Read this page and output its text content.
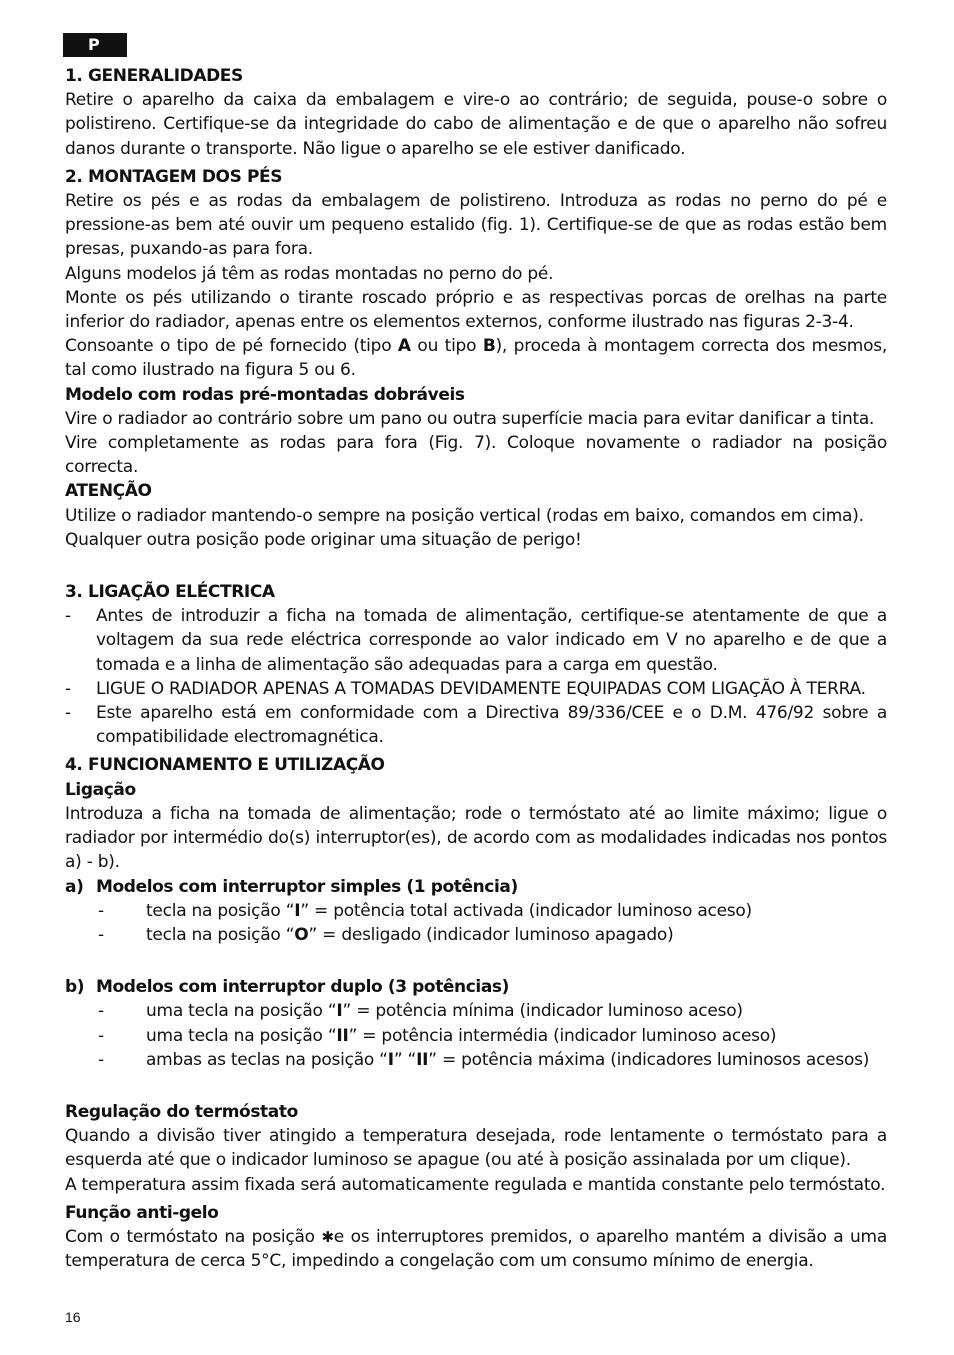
P
1. GENERALIDADES

Retire o aparelho da caixa da embalagem e vire-o ao contrário; de seguida, pouse-o sobre o polistireno. Certifique-se da integridade do cabo de alimentação e de que o aparelho não sofreu danos durante o transporte. Não ligue o aparelho se ele estiver danificado.

2. MONTAGEM DOS PÉS

Retire os pés e as rodas da embalagem de polistireno. Introduza as rodas no perno do pé e pressione-as bem até ouvir um pequeno estalido (fig. 1). Certifique-se de que as rodas estão bem presas, puxando-as para fora.

Alguns modelos já têm as rodas montadas no perno do pé.

Monte os pés utilizando o tirante roscado próprio e as respectivas porcas de orelhas na parte inferior do radiador, apenas entre os elementos externos, conforme ilustrado nas figuras 2-3-4.

Consoante o tipo de pé fornecido (tipo A ou tipo B), proceda à montagem correcta dos mesmos, tal como ilustrado na figura 5 ou 6.

Modelo com rodas pré-montadas dobráveis

Vire o radiador ao contrário sobre um pano ou outra superfície macia para evitar danificar a tinta.

Vire completamente as rodas para fora (Fig. 7). Coloque novamente o radiador na posição correcta.

ATENÇÃO

Utilize o radiador mantendo-o sempre na posição vertical (rodas em baixo, comandos em cima).

Qualquer outra posição pode originar uma situação de perigo!

3. LIGAÇÃO ELÉCTRICA
- Antes de introduzir a ficha na tomada de alimentação, certifique-se atentamente de que a voltagem da sua rede eléctrica corresponde ao valor indicado em V no aparelho e de que a tomada e a linha de alimentação são adequadas para a carga em questão.
- LIGUE O RADIADOR APENAS A TOMADAS DEVIDAMENTE EQUIPADAS COM LIGAÇÃO À TERRA.
- Este aparelho está em conformidade com a Directiva 89/336/CEE e o D.M. 476/92 sobre a compatibilidade electromagnética.
4. FUNCIONAMENTO E UTILIZAÇÃO
Ligação

Introduza a ficha na tomada de alimentação; rode o termóstato até ao limite máximo; ligue o radiador por intermédio do(s) interruptor(es), de acordo com as modalidades indicadas nos pontos a) - b).

a) Modelos com interruptor simples (1 potência)
-	tecla na posição “I” = potência total activada (indicador luminoso aceso)
-	tecla na posição “O” = desligado (indicador luminoso apagado)
b) Modelos com interruptor duplo (3 potências)
-	uma tecla na posição “I” = potência mínima (indicador luminoso aceso)
-	uma tecla na posição “II” = potência intermédia (indicador luminoso aceso)
-	ambas as teclas na posição “I” “II” = potência máxima (indicadores luminosos acesos)
Regulação do termóstato

Quando a divisão tiver atingido a temperatura desejada, rode lentamente o termóstato para a esquerda até que o indicador luminoso se apague (ou até à posição assinalada por um clique).

A temperatura assim fixada será automaticamente regulada e mantida constante pelo termóstato.

Função anti-gelo

Com o termóstato na posição ✱e os interruptores premidos, o aparelho mantém a divisão a uma temperatura de cerca 5°C, impedindo a congelação com um consumo mínimo de energia.

16
